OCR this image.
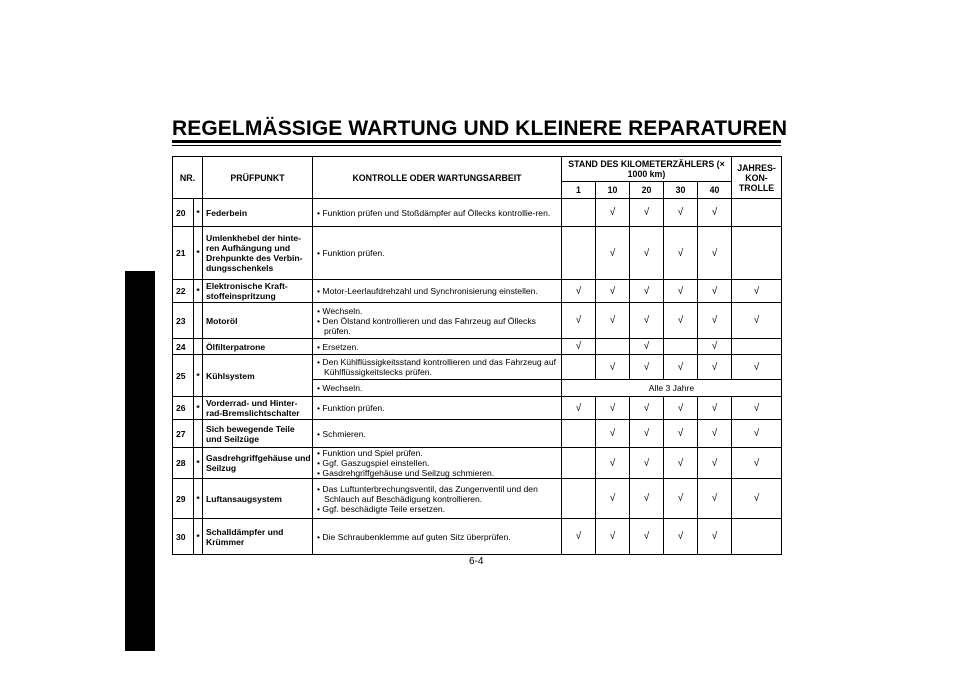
REGELMÄSSIGE WARTUNG UND KLEINERE REPARATUREN
6
NR.		PRÜFPUNKT	KONTROLLE ODER WARTUNGSARBEIT	STAND DES KILOMETERZÄHLERS (× 1000 km)					JAHRES-KON-TROLLE
				1	10	20	30	40	
20	*	Federbein	• Funktion prüfen und Stoßdämpfer auf Öllecks kontrollie-ren.		√	√	√	√	
21	*	Umlenkhebel der hinte-ren Aufhängung und Drehpunkte des Verbin-dungsschenkels	• Funktion prüfen.		√	√	√	√	
22	*	Elektronische Kraft-stoffeinspritzung	• Motor-Leerlaufdrehzahl und Synchronisierung einstellen.	√	√	√	√	√	√
23		Motoröl	• Wechseln.
• Den Ölstand kontrollieren und das Fahrzeug auf Öllecks prüfen.	√	√	√	√	√	√
24		Ölfilterpatrone	• Ersetzen.	√		√		√	
25	*	Kühlsystem	• Den Kühlflüssigkeitsstand kontrollieren und das Fahrzeug auf Kühlflüssigkeitslecks prüfen.		√	√	√	√	√

			• Wechseln.	Alle 3 Jahre					
26	*	Vorderrad- und Hinter-rad-Bremslichtschalter	• Funktion prüfen.	√	√	√	√	√	√
27		Sich bewegende Teile und Seilzüge	• Schmieren.		√	√	√	√	√
28	*	Gasdrehgriffgehäuse und Seilzug	• Funktion und Spiel prüfen.
• Ggf. Gaszugspiel einstellen.
• Gasdrehgriffgehäuse und Seilzug schmieren.		√	√	√	√	√
29	*	Luftansaugsystem	• Das Luftunterbrechungsventil, das Zungenventil und den Schlauch auf Beschädigung kontrollieren.
• Ggf. beschädigte Teile ersetzen.		√	√	√	√	√
30	*	Schalldämpfer und Krümmer	• Die Schraubenklemme auf guten Sitz überprüfen.	√	√	√	√	√	
6-4
